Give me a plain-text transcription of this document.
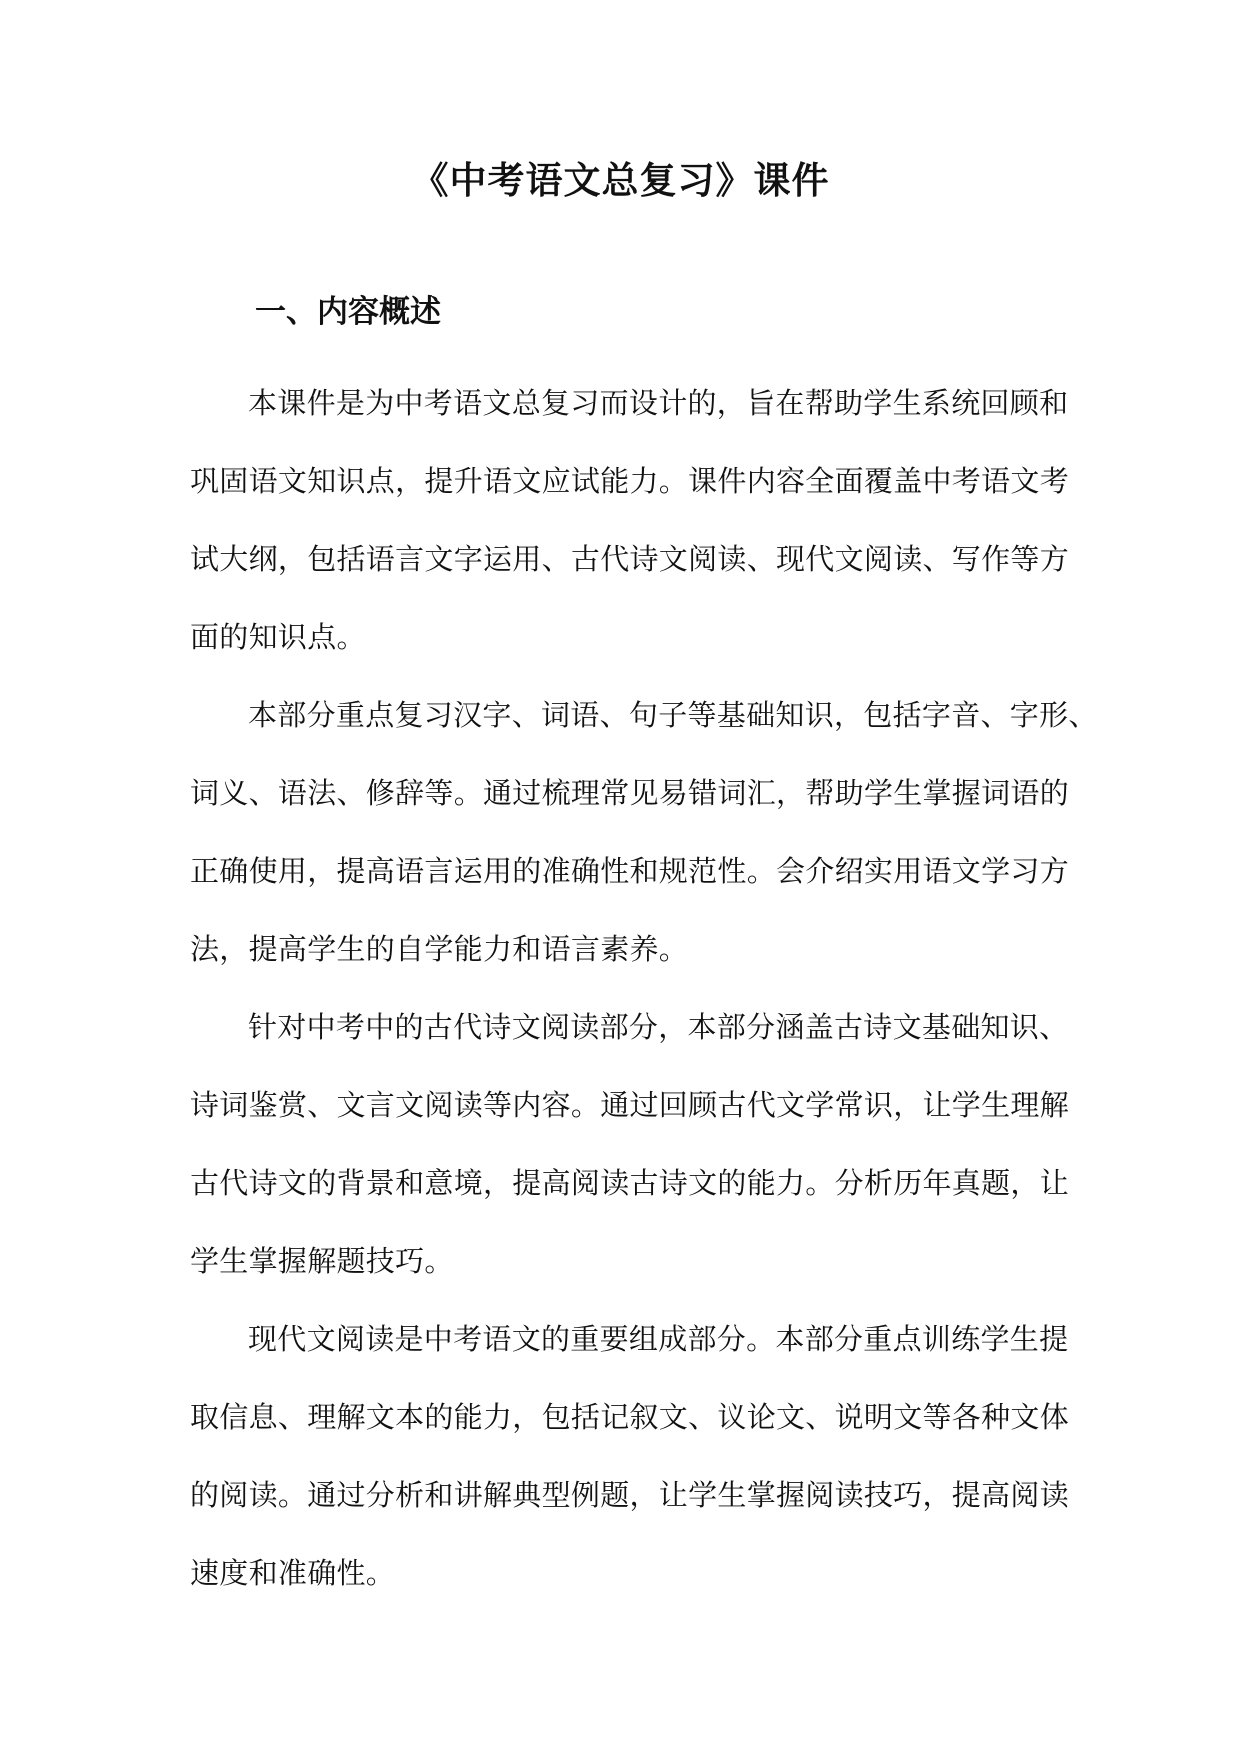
《中考语文总复习》课件
一、内容概述

本课件是为中考语文总复习而设计的，旨在帮助学生系统回顾和
巩固语文知识点，提升语文应试能力。课件内容全面覆盖中考语文考
试大纲，包括语言文字运用、古代诗文阅读、现代文阅读、写作等方
面的知识点。

本部分重点复习汉字、词语、句子等基础知识，包括字音、字形、
词义、语法、修辞等。通过梳理常见易错词汇，帮助学生掌握词语的
正确使用，提高语言运用的准确性和规范性。会介绍实用语文学习方
法，提高学生的自学能力和语言素养。

针对中考中的古代诗文阅读部分，本部分涵盖古诗文基础知识、
诗词鉴赏、文言文阅读等内容。通过回顾古代文学常识，让学生理解
古代诗文的背景和意境，提高阅读古诗文的能力。分析历年真题，让
学生掌握解题技巧。

现代文阅读是中考语文的重要组成部分。本部分重点训练学生提
取信息、理解文本的能力，包括记叙文、议论文、说明文等各种文体
的阅读。通过分析和讲解典型例题，让学生掌握阅读技巧，提高阅读
速度和准确性。
